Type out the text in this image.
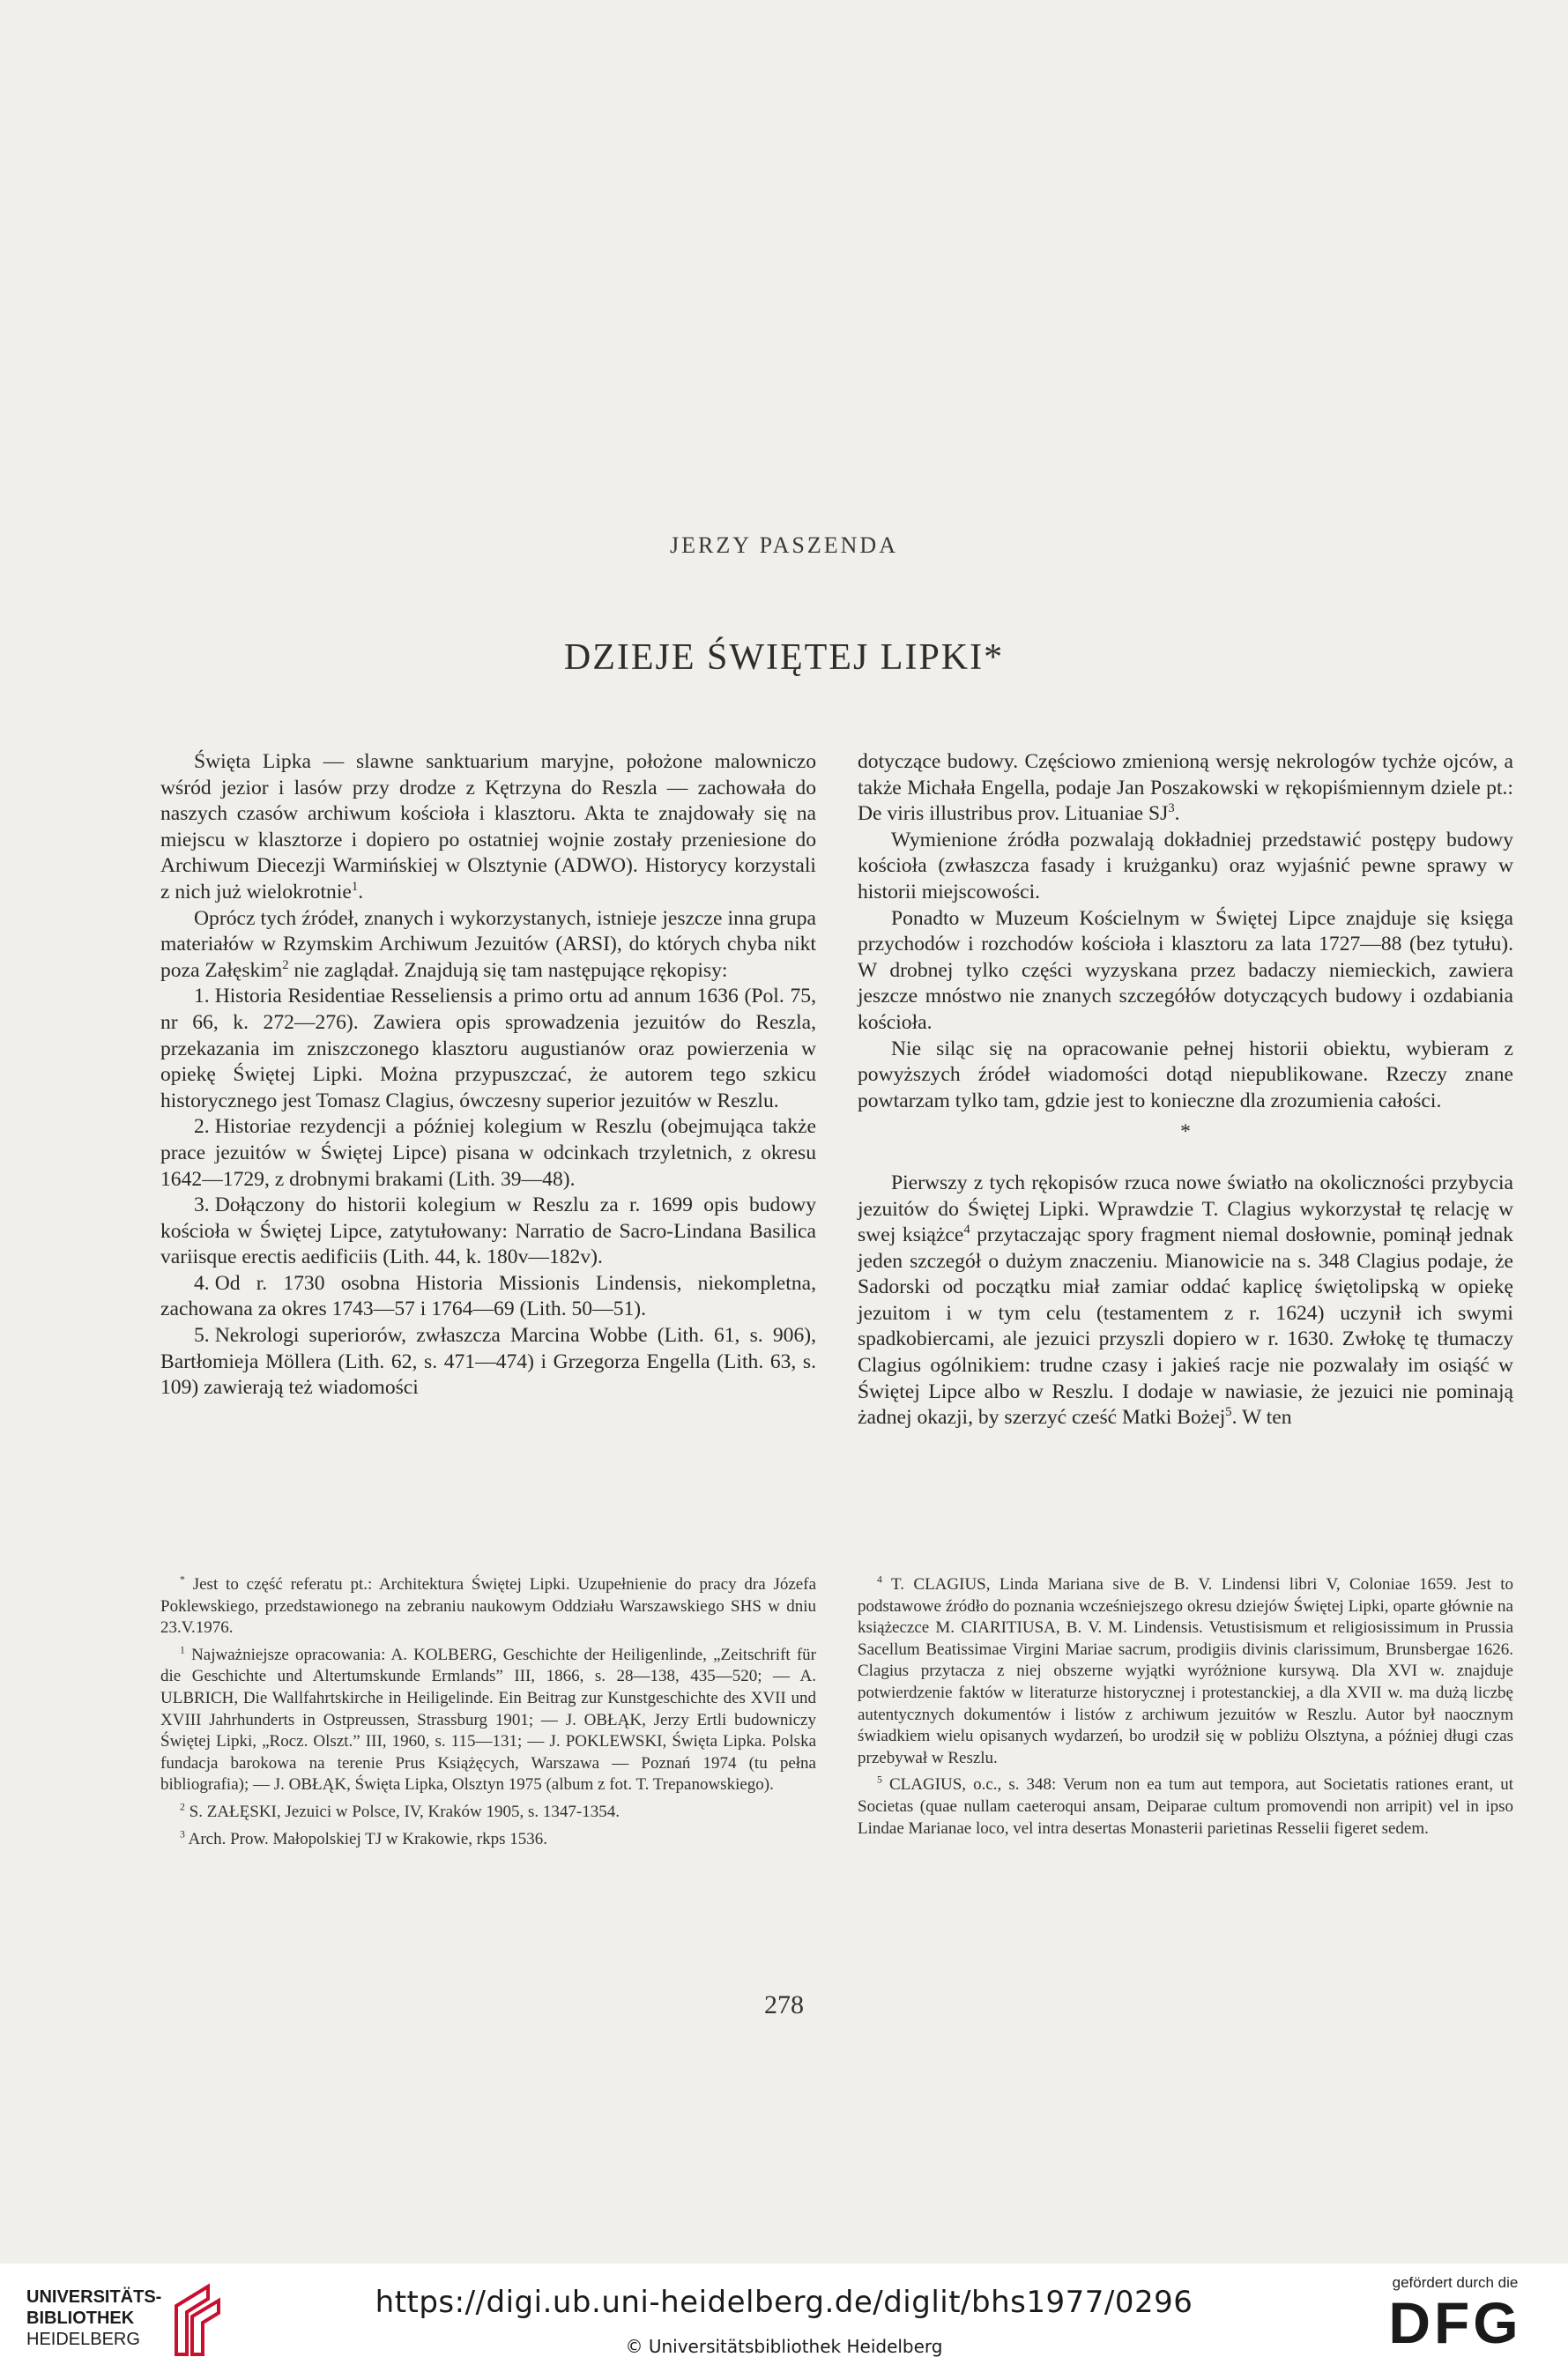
JERZY PASZENDA
DZIEJE ŚWIĘTEJ LIPKI*

Święta Lipka — slawne sanktuarium maryjne, położone malowniczo wśród jezior i lasów przy drodze z Kętrzyna do Reszla — zachowała do naszych czasów archiwum kościoła i klasztoru. Akta te znajdowały się na miejscu w klasztorze i dopiero po ostatniej wojnie zostały przeniesione do Archiwum Diecezji Warmińskiej w Olsztynie (ADWO). Historycy korzystali z nich już wielokrotnie$^1$.

Oprócz tych źródeł, znanych i wykorzystanych, istnieje jeszcze inna grupa materiałów w Rzymskim Archiwum Jezuitów (ARSI), do których chyba nikt poza Załęskim$^2$ nie zaglądał. Znajdują się tam następujące rękopisy:

1. Historia Residentiae Resseliensis a primo ortu ad annum 1636 (Pol. 75, nr 66, k. 272—276). Zawiera opis sprowadzenia jezuitów do Reszla, przekazania im zniszczonego klasztoru augustianów oraz powierzenia w opiekę Świętej Lipki. Można przypuszczać, że autorem tego szkicu historycznego jest Tomasz Clagius, ówczesny superior jezuitów w Reszlu.
2. Historiae rezydencji a później kolegium w Reszlu (obejmująca także prace jezuitów w Świętej Lipce) pisana w odcinkach trzyletnich, z okresu 1642—1729, z drobnymi brakami (Lith. 39—48).
3. Dołączony do historii kolegium w Reszlu za r. 1699 opis budowy kościoła w Świętej Lipce, zatytułowany: Narratio de Sacro-Lindana Basilica variisque erectis aedificiis (Lith. 44, k. 180v—182v).
4. Od r. 1730 osobna Historia Missionis Lindensis, niekompletna, zachowana za okres 1743—57 i 1764—69 (Lith. 50—51).
5. Nekrologi superiorów, zwłaszcza Marcina Wobbe (Lith. 61, s. 906), Bartłomieja Möllera (Lith. 62, s. 471—474) i Grzegorza Engella (Lith. 63, s. 109) zawierają też wiadomości

dotyczące budowy. Częściowo zmienioną wersję nekrologów tychże ojców, a także Michała Engella, podaje Jan Poszakowski w rękopiśmiennym dziele pt.: De viris illustribus prov. Lituaniae $SJ^3$.

Wymienione źródła pozwalają dokładniej przedstawić postępy budowy kościoła (zwłaszcza fasady i krużganku) oraz wyjaśnić pewne sprawy w historii miejscowości.

Ponadto w Muzeum Kościelnym w Świętej Lipce znajduje się księga przychodów i rozchodów kościoła i klasztoru za lata 1727—88 (bez tytułu). W drobnej tylko części wyzyskana przez badaczy niemieckich, zawiera jeszcze mnóstwo nie znanych szczegółów dotyczących budowy i ozdabiania kościoła.

Nie siląc się na opracowanie pełnej historii obiektu, wybieram z powyższych źródeł wiadomości dotąd niepublikowane. Rzeczy znane powtarzam tylko tam, gdzie jest to konieczne dla zrozumienia całości.

*

Pierwszy z tych rękopisów rzuca nowe światło na okoliczności przybycia jezuitów do Świętej Lipki. Wprawdzie T. Clagius wykorzystał tę relację w swej książce$^4$ przytaczając spory fragment niemal dosłownie, pominął jednak jeden szczegół o dużym znaczeniu. Mianowicie na s. 348 Clagius podaje, że Sadorski od początku miał zamiar oddać kaplicę świętolipską w opiekę jezuitom i w tym celu (testamentem z r. 1624) uczynił ich swymi spadkobiercami, ale jezuici przyszli dopiero w r. 1630. Zwłokę tę tłumaczy Clagius ogólnikiem: trudne czasy i jakieś racje nie pozwalały im osiąść w Świętej Lipce albo w Reszlu. I dodaje w nawiasie, że jezuici nie pominają żadnej okazji, by szerzyć cześć Matki Bożej$^5$. W ten

* Jest to część referatu pt.: Architektura Świętej Lipki. Uzupełnienie do pracy dra Józefa Poklewskiego, przedstawionego na zebraniu naukowym Oddziału Warszawskiego SHS w dniu 23.V.1976.

$^1$ Najważniejsze opracowania: A. KOLBERG, Geschichte der Heiligenlinde, „Zeitschrift für die Geschichte und Altertumskunde Ermlands” III, 1866, s. 28—138, 435—520; — A. ULBRICH, Die Wallfahrtskirche in Heiligelinde. Ein Beitrag zur Kunstgeschichte des XVII und XVIII Jahrhunderts in Ostpreussen, Strassburg 1901; — J. OBŁĄK, Jerzy Ertli budowniczy Świętej Lipki, „Rocz. Olszt.” III, 1960, s. 115—131; — J. POKLEWSKI, Święta Lipka. Polska fundacja barokowa na terenie Prus Książęcych, Warszawa — Poznań 1974 (tu pełna bibliografia); — J. OBŁĄK, Święta Lipka, Olsztyn 1975 (album z fot. T. Trepanowskiego).

$^2$ S. ZAŁĘSKI, Jezuici w Polsce, IV, Kraków 1905, s. 1347-1354.

$^3$ Arch. Prow. Małopolskiej TJ w Krakowie, rkps 1536.

$^4$ T. CLAGIUS, Linda Mariana sive de B. V. Lindensi libri V, Coloniae 1659. Jest to podstawowe źródło do poznania wcześniejszego okresu dziejów Świętej Lipki, oparte głównie na książeczce M. CIARITIUSA, B. V. M. Lindensis. Vetustisismum et religiosissimum in Prussia Sacellum Beatissimae Virgini Mariae sacrum, prodigiis divinis clarissimum, Brunsbergae 1626. Clagius przytacza z niej obszerne wyjątki wyróżnione kursywą. Dla XVI w. znajduje potwierdzenie faktów w literaturze historycznej i protestanckiej, a dla XVII w. ma dużą liczbę autentycznych dokumentów i listów z archiwum jezuitów w Reszlu. Autor był naocznym świadkiem wielu opisanych wydarzeń, bo urodził się w pobliżu Olsztyna, a później długi czas przebywał w Reszlu.

$^5$ CLAGIUS, o.c., s. 348: Verum non ea tum aut tempora, aut Societatis rationes erant, ut Societas (quae nullam caeteroqui ansam, Deiparae cultum promovendi non arripit) vel in ipso Lindae Marianae loco, vel intra desertas Monasterii parietinas Resselii figeret sedem.

278
UNIVERSITÄTS-
BIBLIOTHEK
HEIDELBERG
https://digi.ub.uni-heidelberg.de/diglit/bhs1977/0296
© Universitätsbibliothek Heidelberg
gefördert durch die
DFG
